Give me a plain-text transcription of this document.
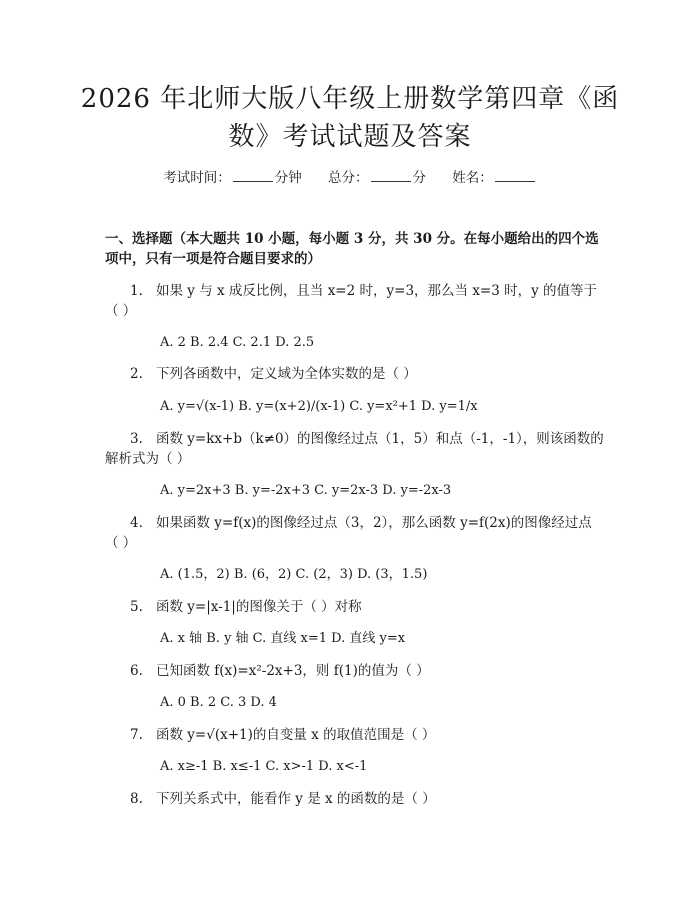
2026 年北师大版八年级上册数学第四章《函
数》考试试题及答案
考试时间：	分钟 总分：	分 姓名：
一、选择题（本大题共 10 小题，每小题 3 分，共 30 分。在每小题给出的四个选项中，只有一项是符合题目要求的）
1. 如果 y 与 x 成反比例，且当 x=2 时，y=3，那么当 x=3 时，y 的值等于（ ）
A. 2 B. 2.4 C. 2.1 D. 2.5
2. 下列各函数中，定义域为全体实数的是（ ）
A. y=√(x-1) B. y=(x+2)/(x-1) C. y=x²+1 D. y=1/x
3. 函数 y=kx+b（k≠0）的图像经过点（1，5）和点（-1，-1），则该函数的解析式为（ ）
A. y=2x+3 B. y=-2x+3 C. y=2x-3 D. y=-2x-3
4. 如果函数 y=f(x)的图像经过点（3，2），那么函数 y=f(2x)的图像经过点（ ）
A. (1.5，2) B. (6，2) C. (2，3) D. (3，1.5)
5. 函数 y=|x-1|的图像关于（ ）对称
A. x 轴 B. y 轴 C. 直线 x=1 D. 直线 y=x
6. 已知函数 f(x)=x²-2x+3，则 f(1)的值为（ ）
A. 0 B. 2 C. 3 D. 4
7. 函数 y=√(x+1)的自变量 x 的取值范围是（ ）
A. x≥-1 B. x≤-1 C. x>-1 D. x<-1
8. 下列关系式中，能看作 y 是 x 的函数的是（ ）
